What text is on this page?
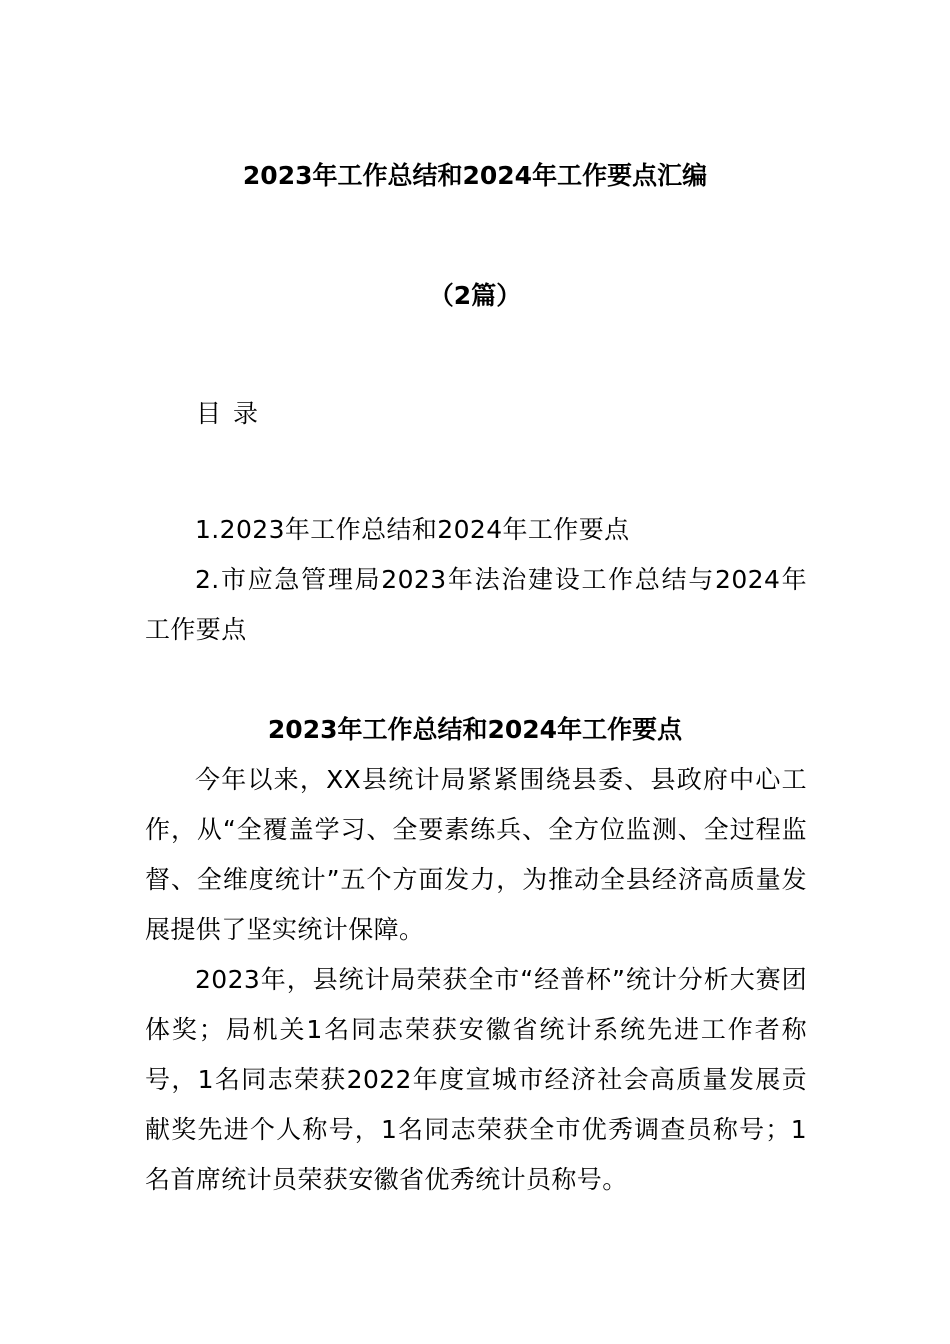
2023年工作总结和2024年工作要点汇编
（2篇）
目 录
1.2023年工作总结和2024年工作要点
2.市应急管理局2023年法治建设工作总结与2024年工作要点
2023年工作总结和2024年工作要点
今年以来，XX县统计局紧紧围绕县委、县政府中心工作，从“全覆盖学习、全要素练兵、全方位监测、全过程监督、全维度统计”五个方面发力，为推动全县经济高质量发展提供了坚实统计保障。
2023年，县统计局荣获全市“经普杯”统计分析大赛团体奖；局机关1名同志荣获安徽省统计系统先进工作者称号，1名同志荣获2022年度宣城市经济社会高质量发展贡献奖先进个人称号，1名同志荣获全市优秀调查员称号；1名首席统计员荣获安徽省优秀统计员称号。
